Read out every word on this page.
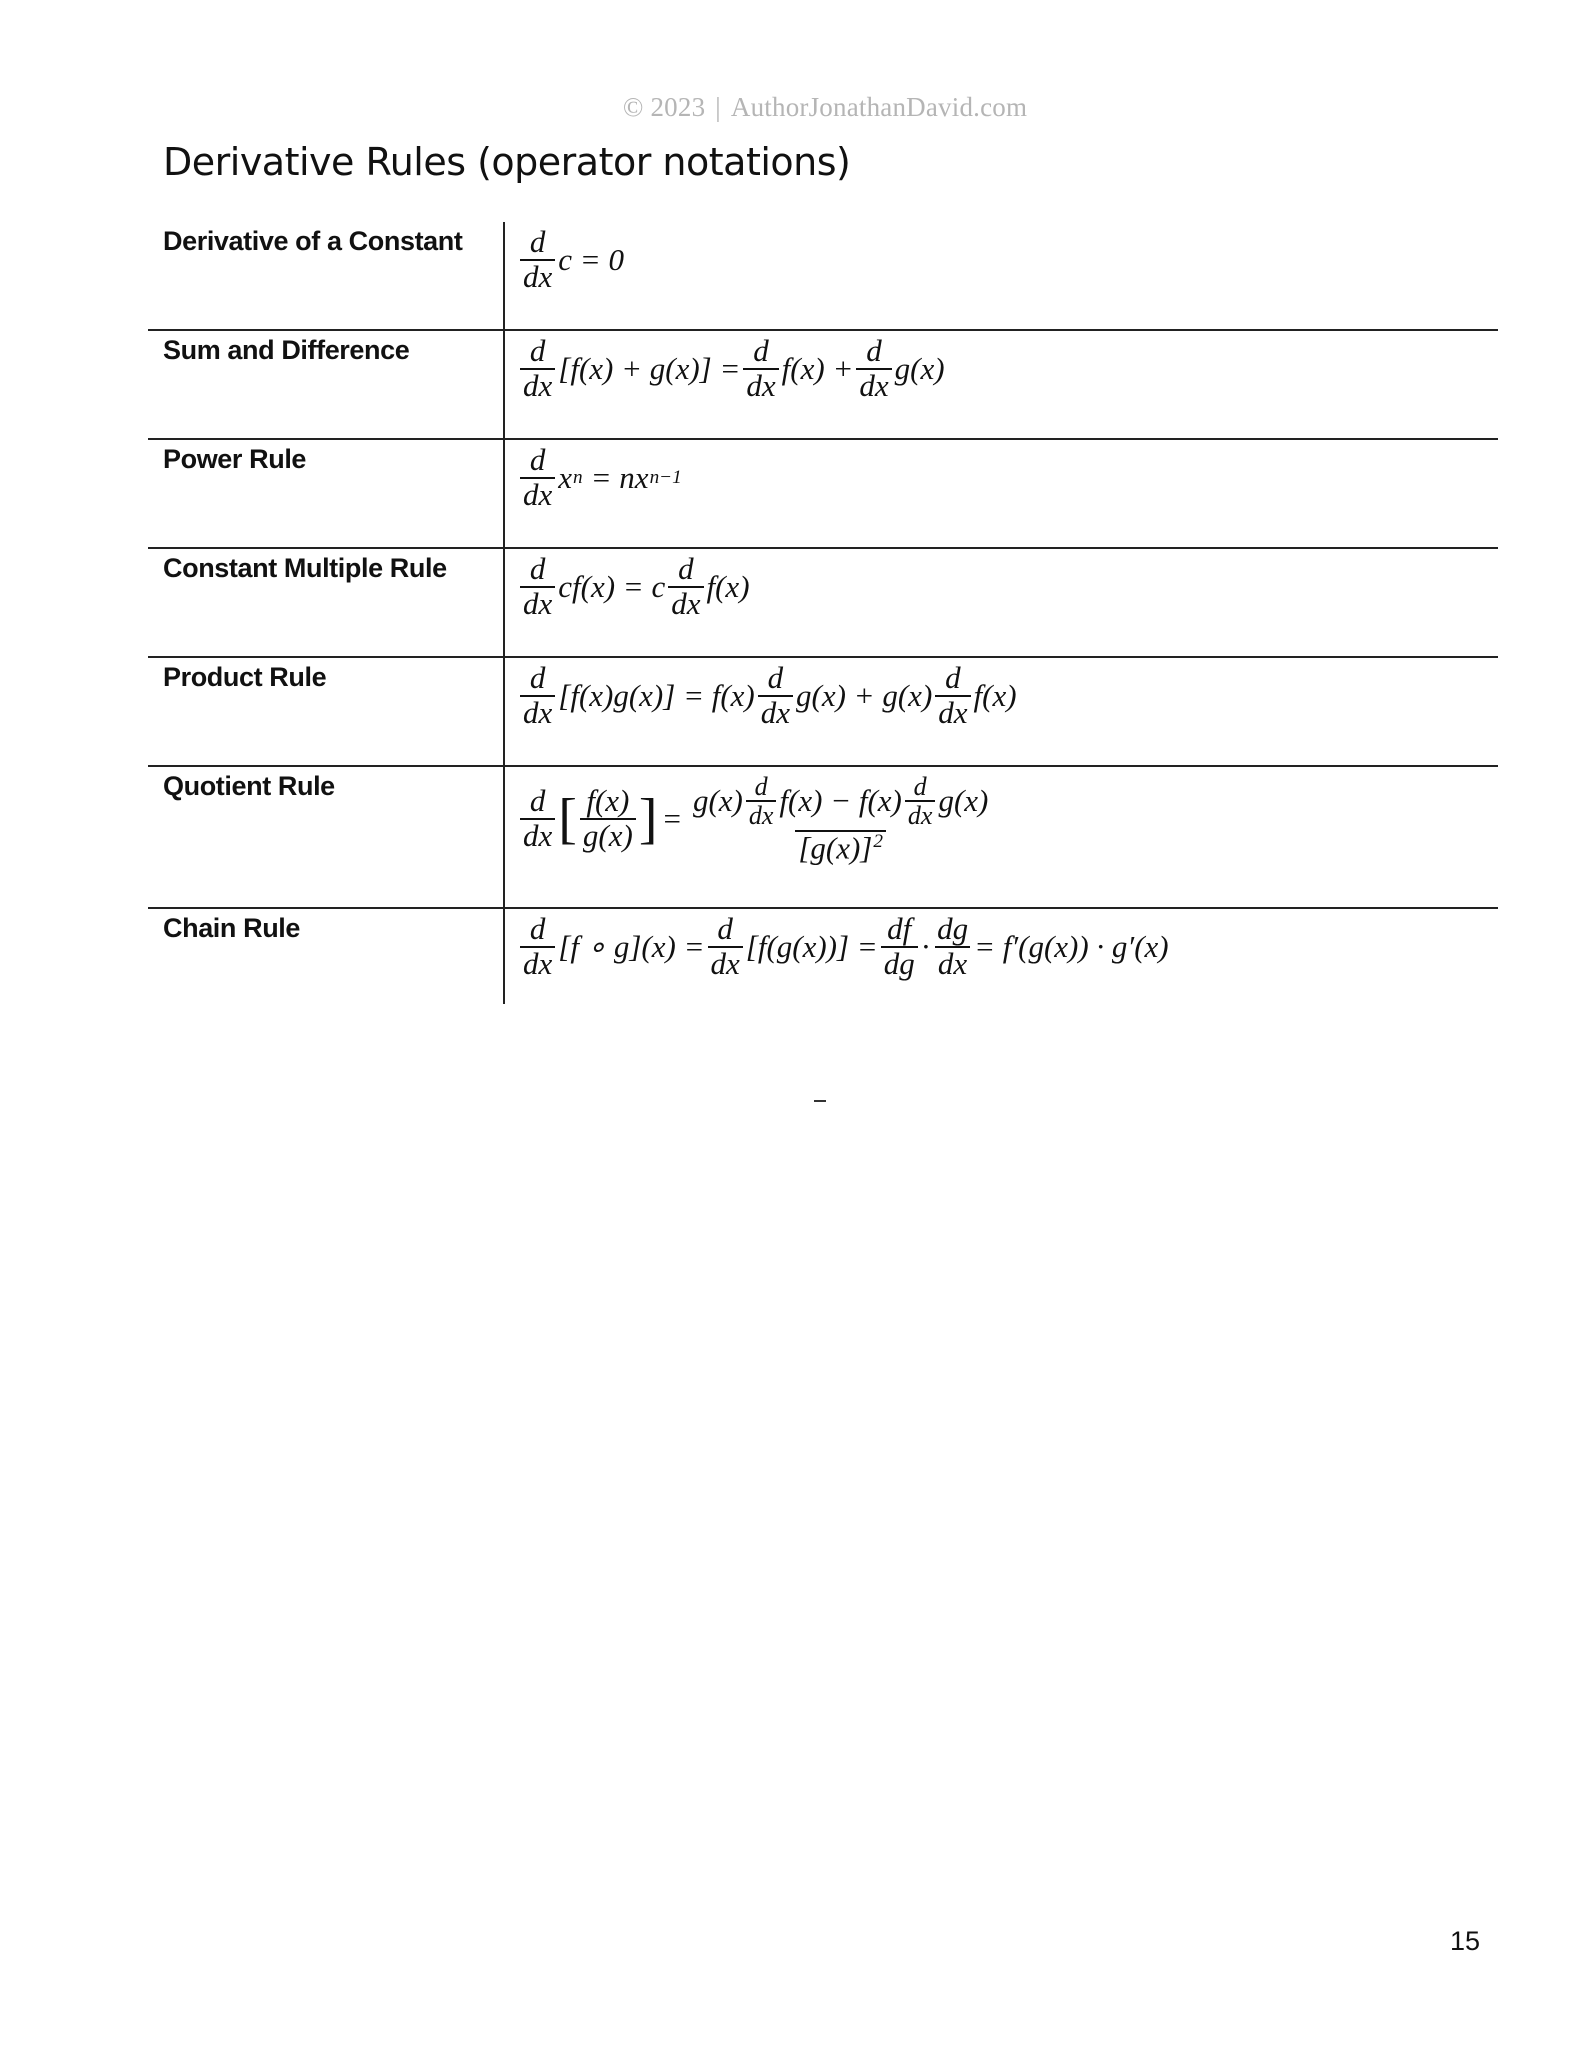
© 2023 | AuthorJonathanDavid.com
Derivative Rules (operator notations)
Derivative of a Constant	$\frac{d}{dx}$ c = 0
Sum and Difference	$\frac{d}{dx} [f(x) + g(x)] = \frac{d}{dx} f(x) + \frac{d}{dx} g(x)$
Power Rule	$\frac{d}{dx}$ x n = nx n−1
Constant Multiple Rule	$\frac{d}{dx} cf(x) = c \frac{d}{dx} f(x)$
Product Rule	$\frac{d}{dx} [f(x)g(x)] = f(x) \frac{d}{dx} g(x) + g(x) \frac{d}{dx} f(x)$
Quotient Rule	$\frac{d}{dx}$ [ $\frac{f(x)}{g(x)}$ ] =
$g(x) \frac{d}{dx} f(x) - f(x) \frac{d}{dx} g(x)$
$[g(x)]^2$
Chain Rule	$\frac{d}{dx} [f$ ∘ $g](x) = \frac{d}{dx} [f(g(x))] = \frac{df}{dg} \cdot \frac{dg}{dx} = f'(g(x)) \cdot g'(x)$
15
